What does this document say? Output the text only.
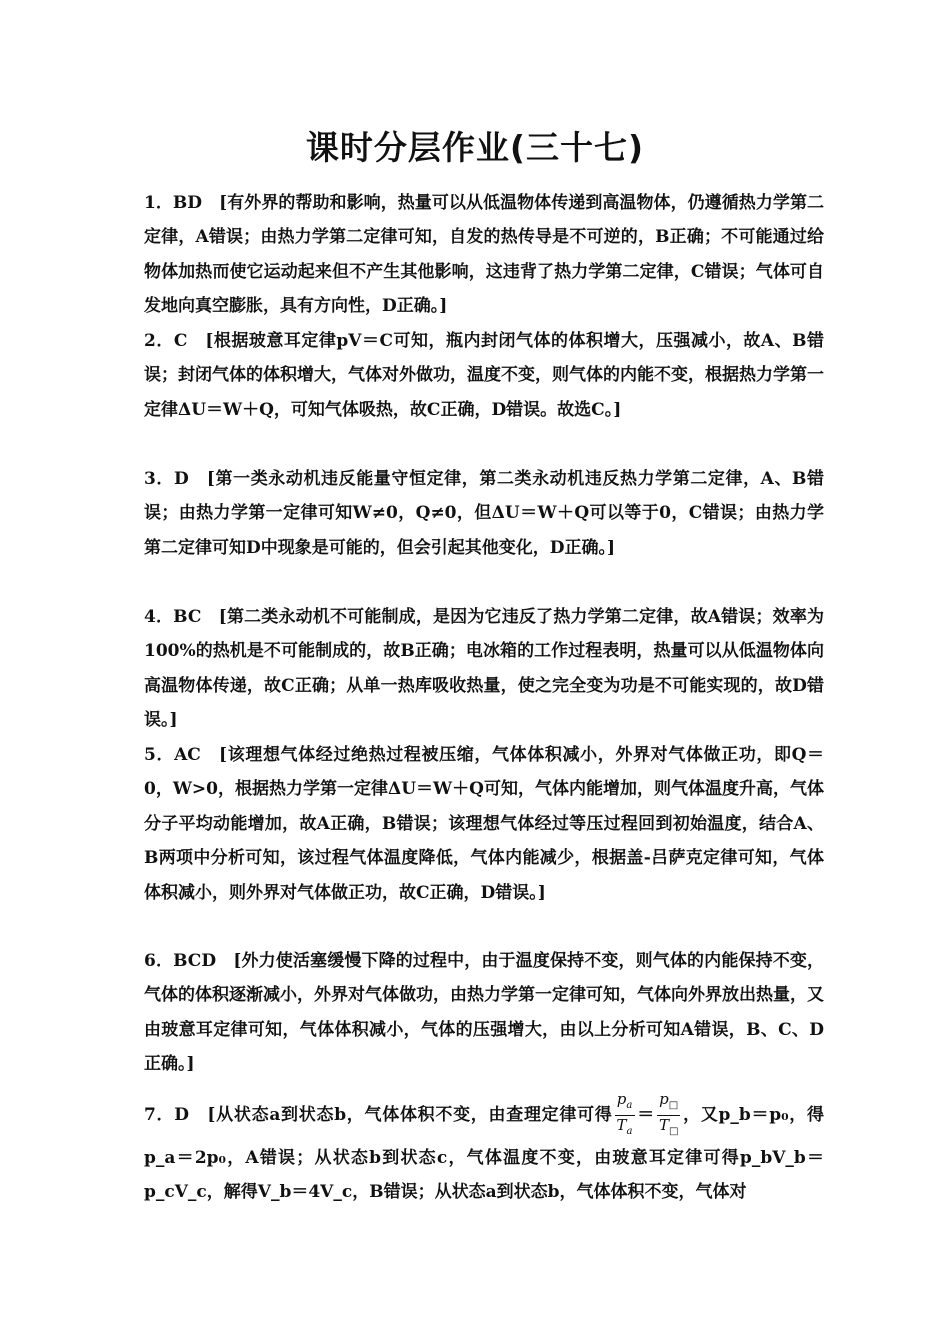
课时分层作业(三十七)
1．BD　[有外界的帮助和影响，热量可以从低温物体传递到高温物体，仍遵循热力学第二定律，A错误；由热力学第二定律可知，自发的热传导是不可逆的，B正确；不可能通过给物体加热而使它运动起来但不产生其他影响，这违背了热力学第二定律，C错误；气体可自发地向真空膨胀，具有方向性，D正确。]
2．C　[根据玻意耳定律pV＝C可知，瓶内封闭气体的体积增大，压强减小，故A、B错误；封闭气体的体积增大，气体对外做功，温度不变，则气体的内能不变，根据热力学第一定律ΔU＝W＋Q，可知气体吸热，故C正确，D错误。故选C。]
3．D　[第一类永动机违反能量守恒定律，第二类永动机违反热力学第二定律，A、B错误；由热力学第一定律可知W≠0，Q≠0，但ΔU＝W＋Q可以等于0，C错误；由热力学第二定律可知D中现象是可能的，但会引起其他变化，D正确。]
4．BC　[第二类永动机不可能制成，是因为它违反了热力学第二定律，故A错误；效率为100%的热机是不可能制成的，故B正确；电冰箱的工作过程表明，热量可以从低温物体向高温物体传递，故C正确；从单一热库吸收热量，使之完全变为功是不可能实现的，故D错误。]
5．AC　[该理想气体经过绝热过程被压缩，气体体积减小，外界对气体做正功，即Q＝0，W>0，根据热力学第一定律ΔU＝W＋Q可知，气体内能增加，则气体温度升高，气体分子平均动能增加，故A正确，B错误；该理想气体经过等压过程回到初始温度，结合A、B两项中分析可知，该过程气体温度降低，气体内能减少，根据盖-吕萨克定律可知，气体体积减小，则外界对气体做正功，故C正确，D错误。]
6．BCD　[外力使活塞缓慢下降的过程中，由于温度保持不变，则气体的内能保持不变，气体的体积逐渐减小，外界对气体做功，由热力学第一定律可知，气体向外界放出热量，又由玻意耳定律可知，气体体积减小，气体的压强增大，由以上分析可知A错误，B、C、D正确。]
7．D　[从状态a到状态b，气体体积不变，由查理定律可得 $\frac{p_a}{T_a} = \frac{p_□}{T_□}$ ，又p_b＝p₀，得p_a＝2p₀，A错误；从状态b到状态c，气体温度不变，由玻意耳定律可得p_bV_b＝p_cV_c，解得V_b＝4V_c，B错误；从状态a到状态b，气体体积不变，气体对
